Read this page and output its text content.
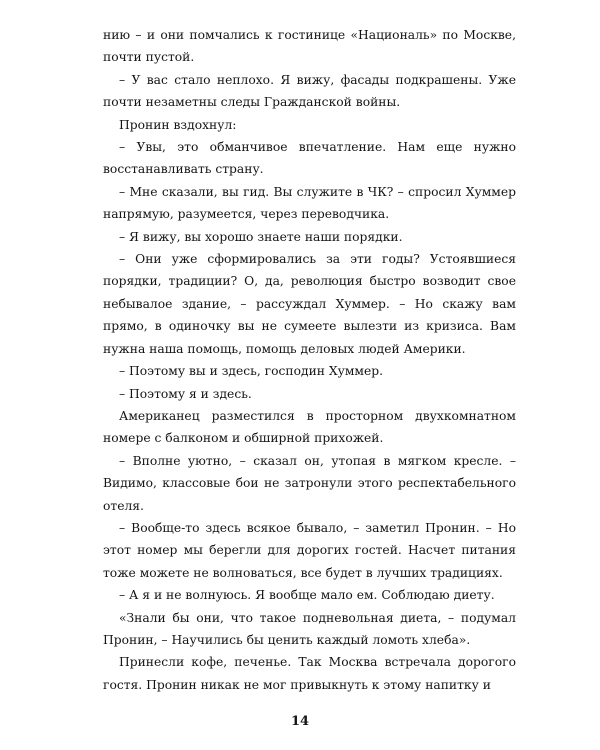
нию – и они помчались к гостинице «Националь» по Москве, почти пустой.

– У вас стало неплохо. Я вижу, фасады подкрашены. Уже почти незаметны следы Гражданской войны.

Пронин вздохнул:

– Увы, это обманчивое впечатление. Нам еще нужно восстанавливать страну.

– Мне сказали, вы гид. Вы служите в ЧК? – спросил Хуммер напрямую, разумеется, через переводчика.

– Я вижу, вы хорошо знаете наши порядки.

– Они уже сформировались за эти годы? Устоявшиеся порядки, традиции? О, да, революция быстро возводит свое небывалое здание, – рассуждал Хуммер. – Но скажу вам прямо, в одиночку вы не сумеете вылезти из кризиса. Вам нужна наша помощь, помощь деловых людей Америки.

– Поэтому вы и здесь, господин Хуммер.

– Поэтому я и здесь.

Американец разместился в просторном двухкомнатном номере с балконом и обширной прихожей.

– Вполне уютно, – сказал он, утопая в мягком кресле. – Видимо, классовые бои не затронули этого респектабельного отеля.

– Вообще-то здесь всякое бывало, – заметил Пронин. – Но этот номер мы берегли для дорогих гостей. Насчет питания тоже можете не волноваться, все будет в лучших традициях.

– А я и не волнуюсь. Я вообще мало ем. Соблюдаю диету.

«Знали бы они, что такое подневольная диета, – подумал Пронин, – Научились бы ценить каждый ломоть хлеба».

Принесли кофе, печенье. Так Москва встречала дорогого гостя. Пронин никак не мог привыкнуть к этому напитку и

14
